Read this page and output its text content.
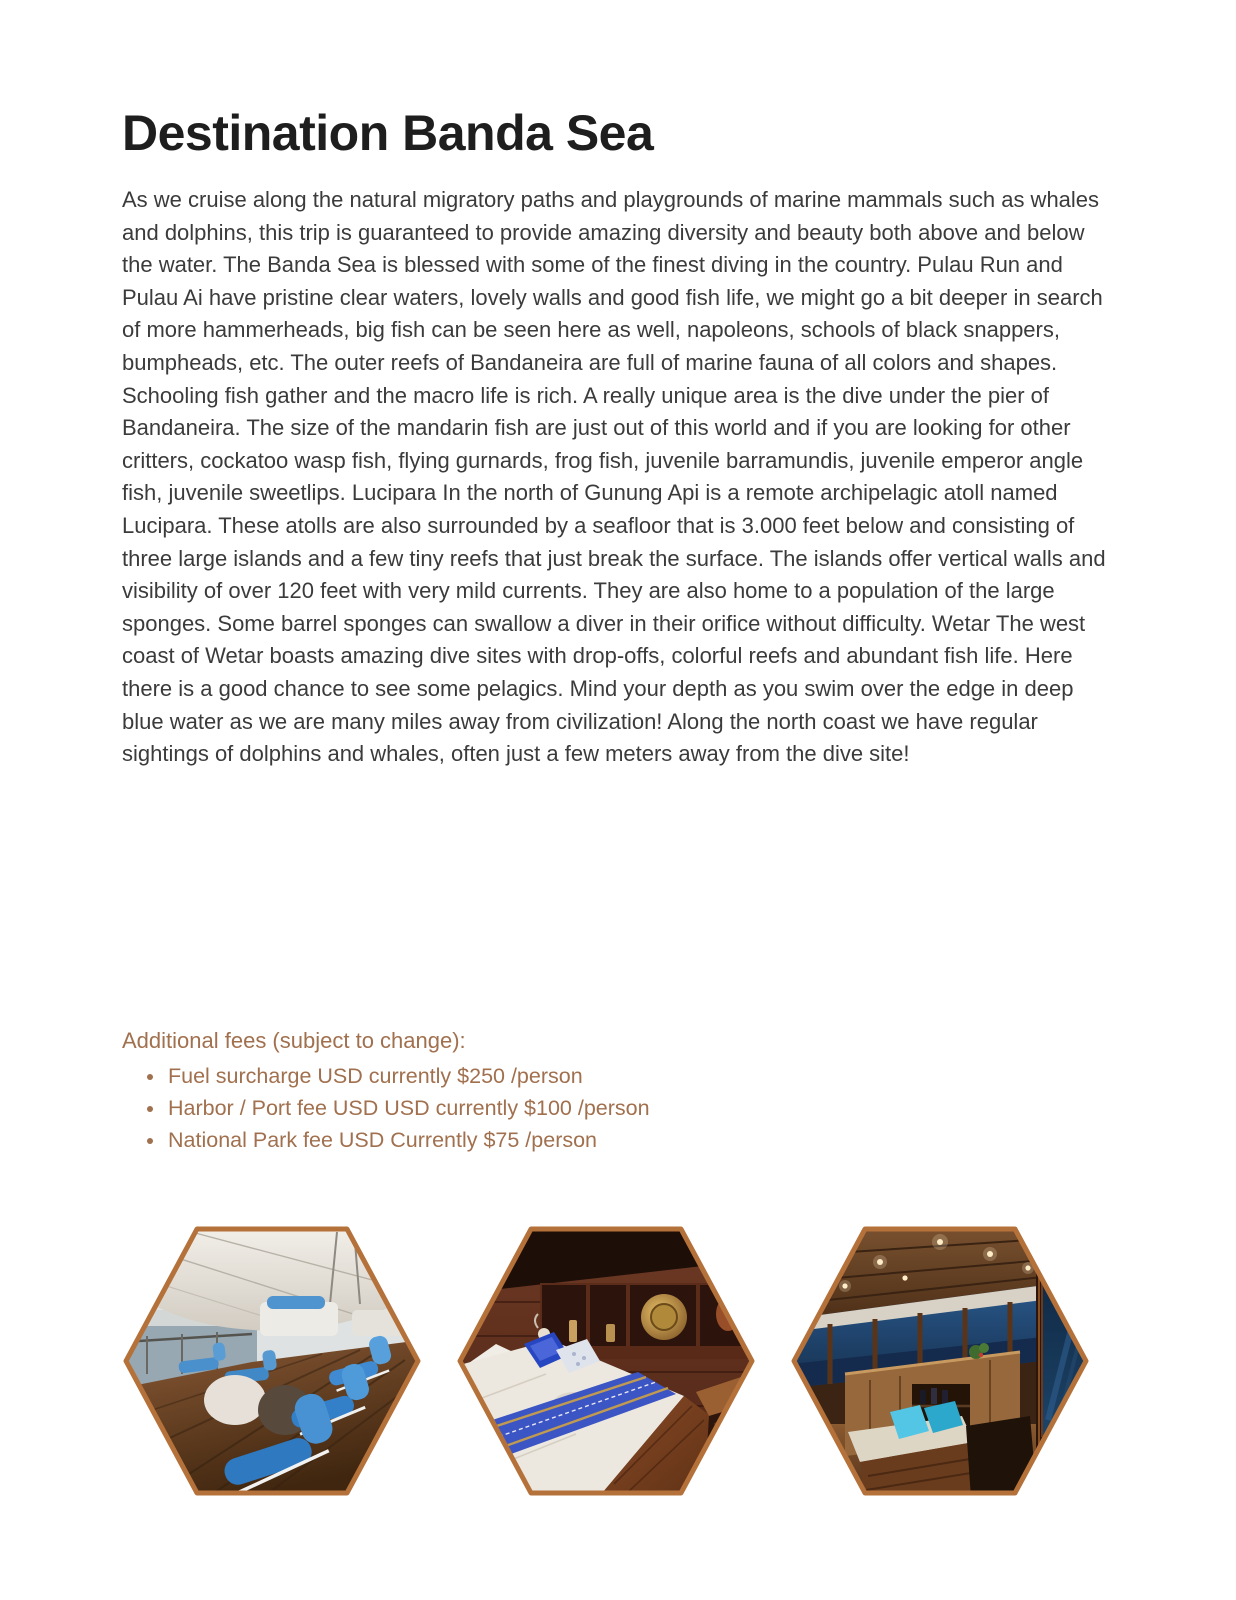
Destination Banda Sea

As we cruise along the natural migratory paths and playgrounds of marine mammals such as whales and dolphins, this trip is guaranteed to provide amazing diversity and beauty both above and below the water. The Banda Sea is blessed with some of the finest diving in the country. Pulau Run and Pulau Ai have pristine clear waters, lovely walls and good fish life, we might go a bit deeper in search of more hammerheads, big fish can be seen here as well, napoleons, schools of black snappers, bumpheads, etc. The outer reefs of Bandaneira are full of marine fauna of all colors and shapes. Schooling fish gather and the macro life is rich. A really unique area is the dive under the pier of Bandaneira. The size of the mandarin fish are just out of this world and if you are looking for other critters, cockatoo wasp fish, flying gurnards, frog fish, juvenile barramundis, juvenile emperor angle fish, juvenile sweetlips. Lucipara In the north of Gunung Api is a remote archipelagic atoll named Lucipara. These atolls are also surrounded by a seafloor that is 3.000 feet below and consisting of three large islands and a few tiny reefs that just break the surface. The islands offer vertical walls and visibility of over 120 feet with very mild currents. They are also home to a population of the large sponges. Some barrel sponges can swallow a diver in their orifice without difficulty. Wetar The west coast of Wetar boasts amazing dive sites with drop-offs, colorful reefs and abundant fish life. Here there is a good chance to see some pelagics. Mind your depth as you swim over the edge in deep blue water as we are many miles away from civilization! Along the north coast we have regular sightings of dolphins and whales, often just a few meters away from the dive site!

Additional fees (subject to change):
• Fuel surcharge USD currently $250 /person
• Harbor / Port fee USD USD currently $100 /person
• National Park fee USD Currently $75 /person
